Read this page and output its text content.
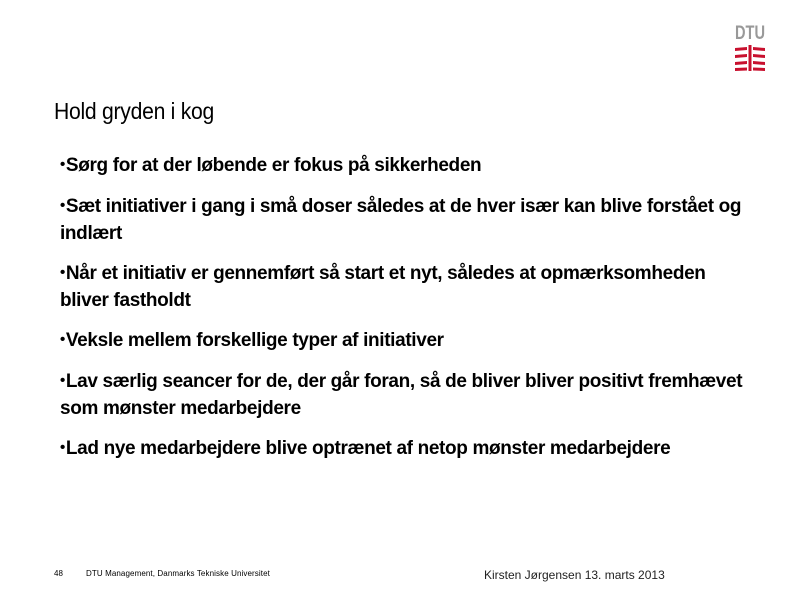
DTU
Hold gryden i kog
•Sørg for at der løbende er fokus på sikkerheden
•Sæt initiativer i gang i små doser således at de hver især kan blive forstået og indlært
•Når et initiativ er gennemført så start et nyt, således at opmærksomheden bliver fastholdt
•Veksle mellem forskellige typer af initiativer
•Lav særlig seancer for de, der går foran, så de bliver bliver positivt fremhævet som mønster medarbejdere
•Lad nye medarbejdere blive optrænet af netop mønster medarbejdere
48	DTU Management, Danmarks Tekniske Universitet	Kirsten Jørgensen 13. marts 2013
